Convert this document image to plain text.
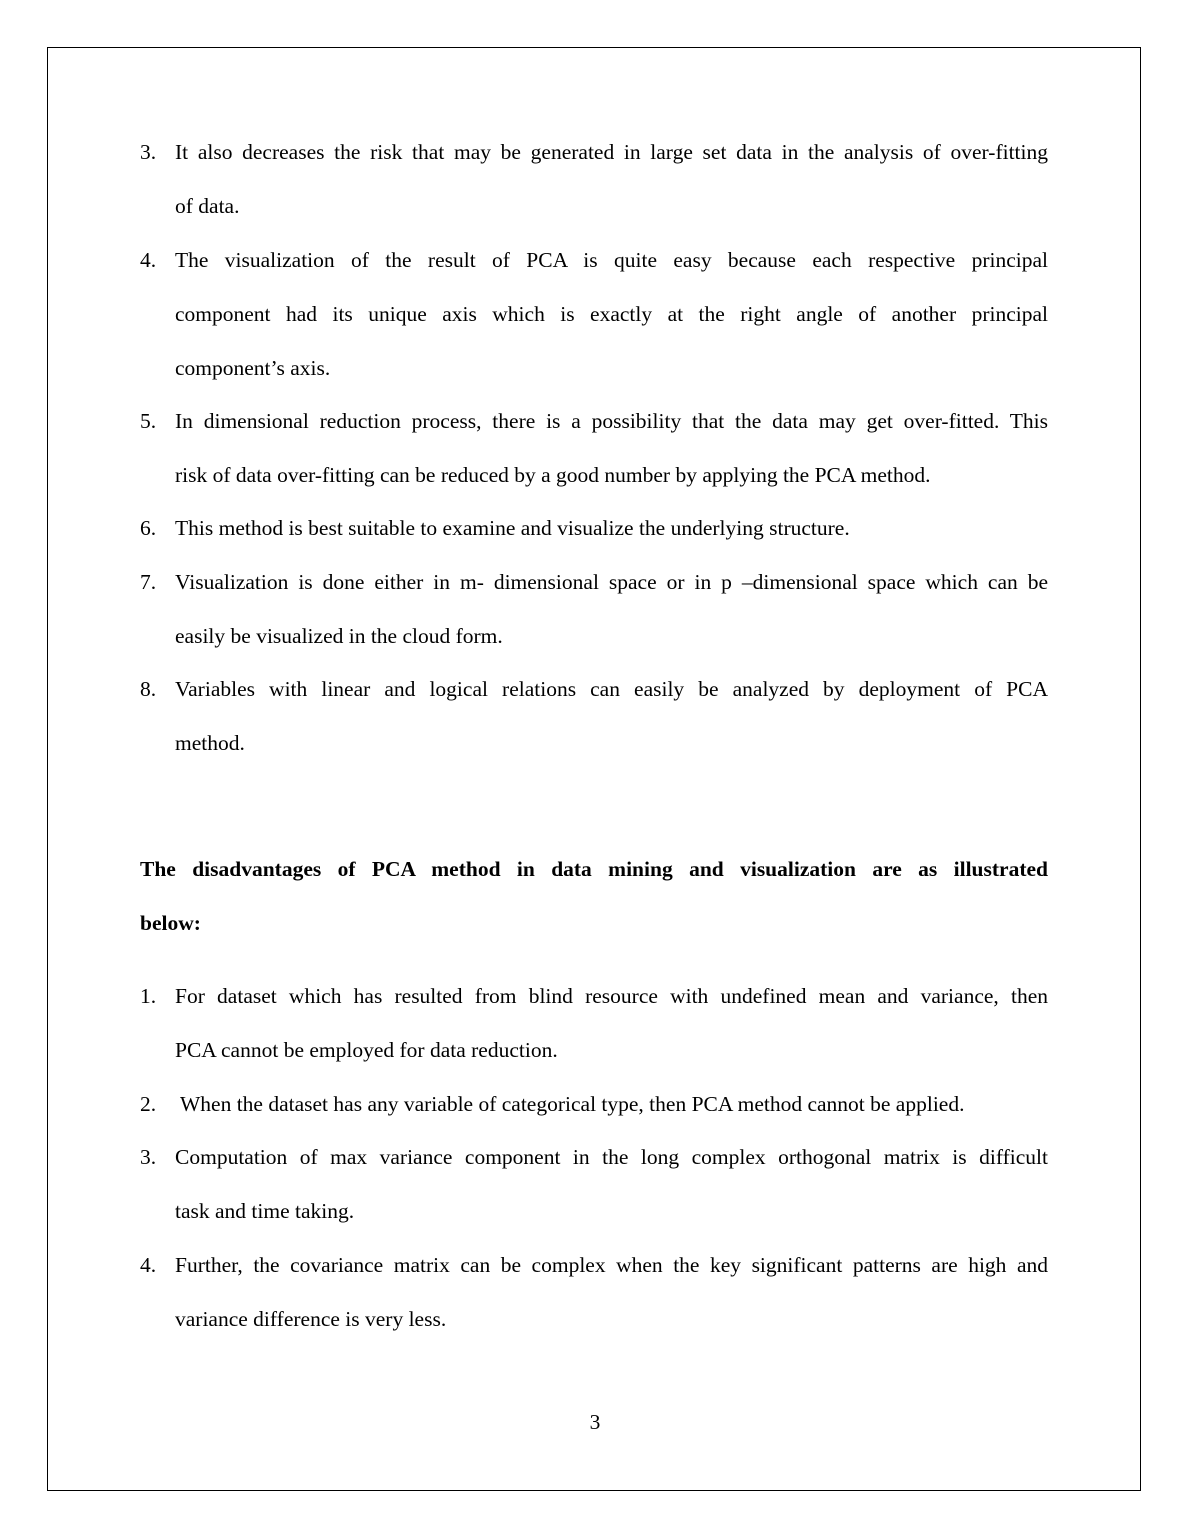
3. It also decreases the risk that may be generated in large set data in the analysis of over-fitting
of data.
4. The visualization of the result of PCA is quite easy because each respective principal
component had its unique axis which is exactly at the right angle of another principal
component’s axis.
5. In dimensional reduction process, there is a possibility that the data may get over-fitted. This
risk of data over-fitting can be reduced by a good number by applying the PCA method.
6. This method is best suitable to examine and visualize the underlying structure.
7. Visualization is done either in m- dimensional space or in p –dimensional space which can be
easily be visualized in the cloud form.
8. Variables with linear and logical relations can easily be analyzed by deployment of PCA
method.
The disadvantages of PCA method in data mining and visualization are as illustrated
below:
1. For dataset which has resulted from blind resource with undefined mean and variance, then
PCA cannot be employed for data reduction.
2. When the dataset has any variable of categorical type, then PCA method cannot be applied.
3. Computation of max variance component in the long complex orthogonal matrix is difficult
task and time taking.
4. Further, the covariance matrix can be complex when the key significant patterns are high and
variance difference is very less.
3
